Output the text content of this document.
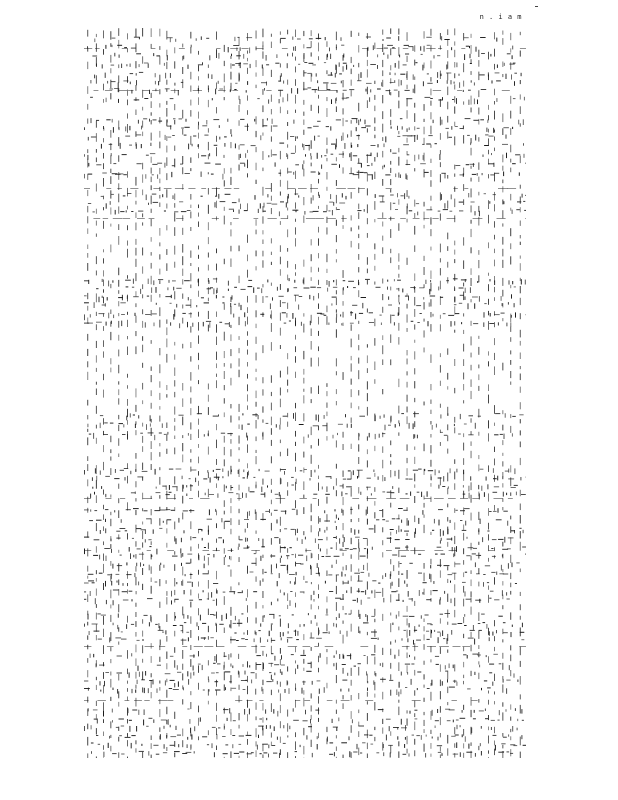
n . i a m
